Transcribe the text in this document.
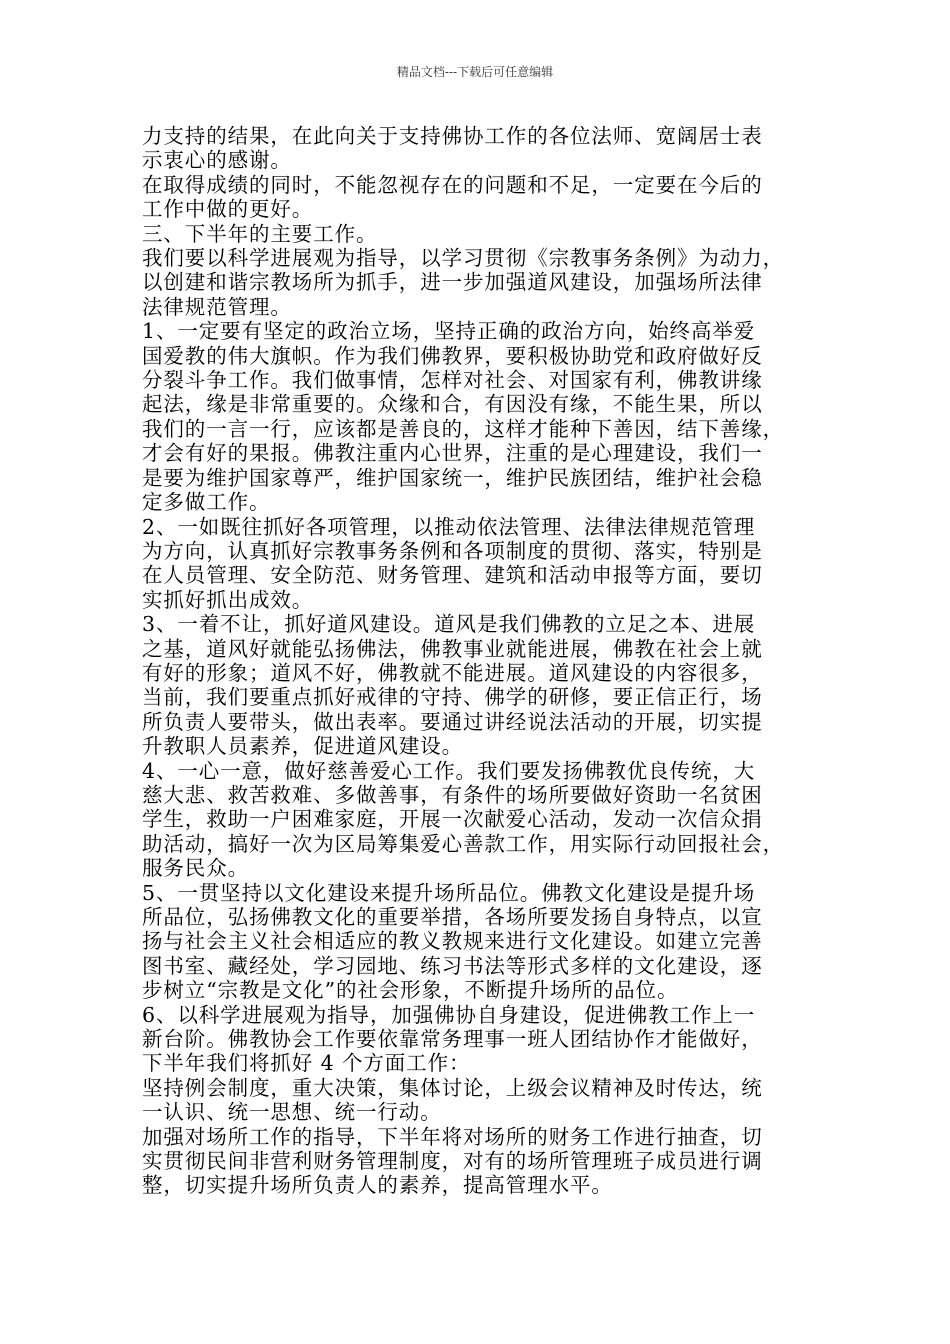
精品文档---下载后可任意编辑

力支持的结果，在此向关于支持佛协工作的各位法师、宽阔居士表
示衷心的感谢。

在取得成绩的同时，不能忽视存在的问题和不足，一定要在今后的
工作中做的更好。

三、下半年的主要工作。

我们要以科学进展观为指导，以学习贯彻《宗教事务条例》为动力，
以创建和谐宗教场所为抓手，进一步加强道风建设，加强场所法律
法律规范管理。

1、一定要有坚定的政治立场，坚持正确的政治方向，始终高举爱
国爱教的伟大旗帜。作为我们佛教界，要积极协助党和政府做好反
分裂斗争工作。我们做事情，怎样对社会、对国家有利，佛教讲缘
起法，缘是非常重要的。众缘和合，有因没有缘，不能生果，所以
我们的一言一行，应该都是善良的，这样才能种下善因，结下善缘，
才会有好的果报。佛教注重内心世界，注重的是心理建设，我们一
是要为维护国家尊严，维护国家统一，维护民族团结，维护社会稳
定多做工作。

2、一如既往抓好各项管理，以推动依法管理、法律法律规范管理
为方向，认真抓好宗教事务条例和各项制度的贯彻、落实，特别是
在人员管理、安全防范、财务管理、建筑和活动申报等方面，要切
实抓好抓出成效。

3、一着不让，抓好道风建设。道风是我们佛教的立足之本、进展
之基，道风好就能弘扬佛法，佛教事业就能进展，佛教在社会上就
有好的形象；道风不好，佛教就不能进展。道风建设的内容很多，
当前，我们要重点抓好戒律的守持、佛学的研修，要正信正行，场
所负责人要带头，做出表率。要通过讲经说法活动的开展，切实提
升教职人员素养，促进道风建设。

4、一心一意，做好慈善爱心工作。我们要发扬佛教优良传统，大
慈大悲、救苦救难、多做善事，有条件的场所要做好资助一名贫困
学生，救助一户困难家庭，开展一次献爱心活动，发动一次信众捐
助活动，搞好一次为区局筹集爱心善款工作，用实际行动回报社会，
服务民众。

5、一贯坚持以文化建设来提升场所品位。佛教文化建设是提升场
所品位，弘扬佛教文化的重要举措，各场所要发扬自身特点，以宣
扬与社会主义社会相适应的教义教规来进行文化建设。如建立完善
图书室、藏经处，学习园地、练习书法等形式多样的文化建设，逐
步树立“宗教是文化”的社会形象，不断提升场所的品位。

6、以科学进展观为指导，加强佛协自身建设，促进佛教工作上一
新台阶。佛教协会工作要依靠常务理事一班人团结协作才能做好，
下半年我们将抓好 4 个方面工作：

坚持例会制度，重大决策，集体讨论，上级会议精神及时传达，统
一认识、统一思想、统一行动。

加强对场所工作的指导，下半年将对场所的财务工作进行抽查，切
实贯彻民间非营利财务管理制度，对有的场所管理班子成员进行调
整，切实提升场所负责人的素养，提高管理水平。
